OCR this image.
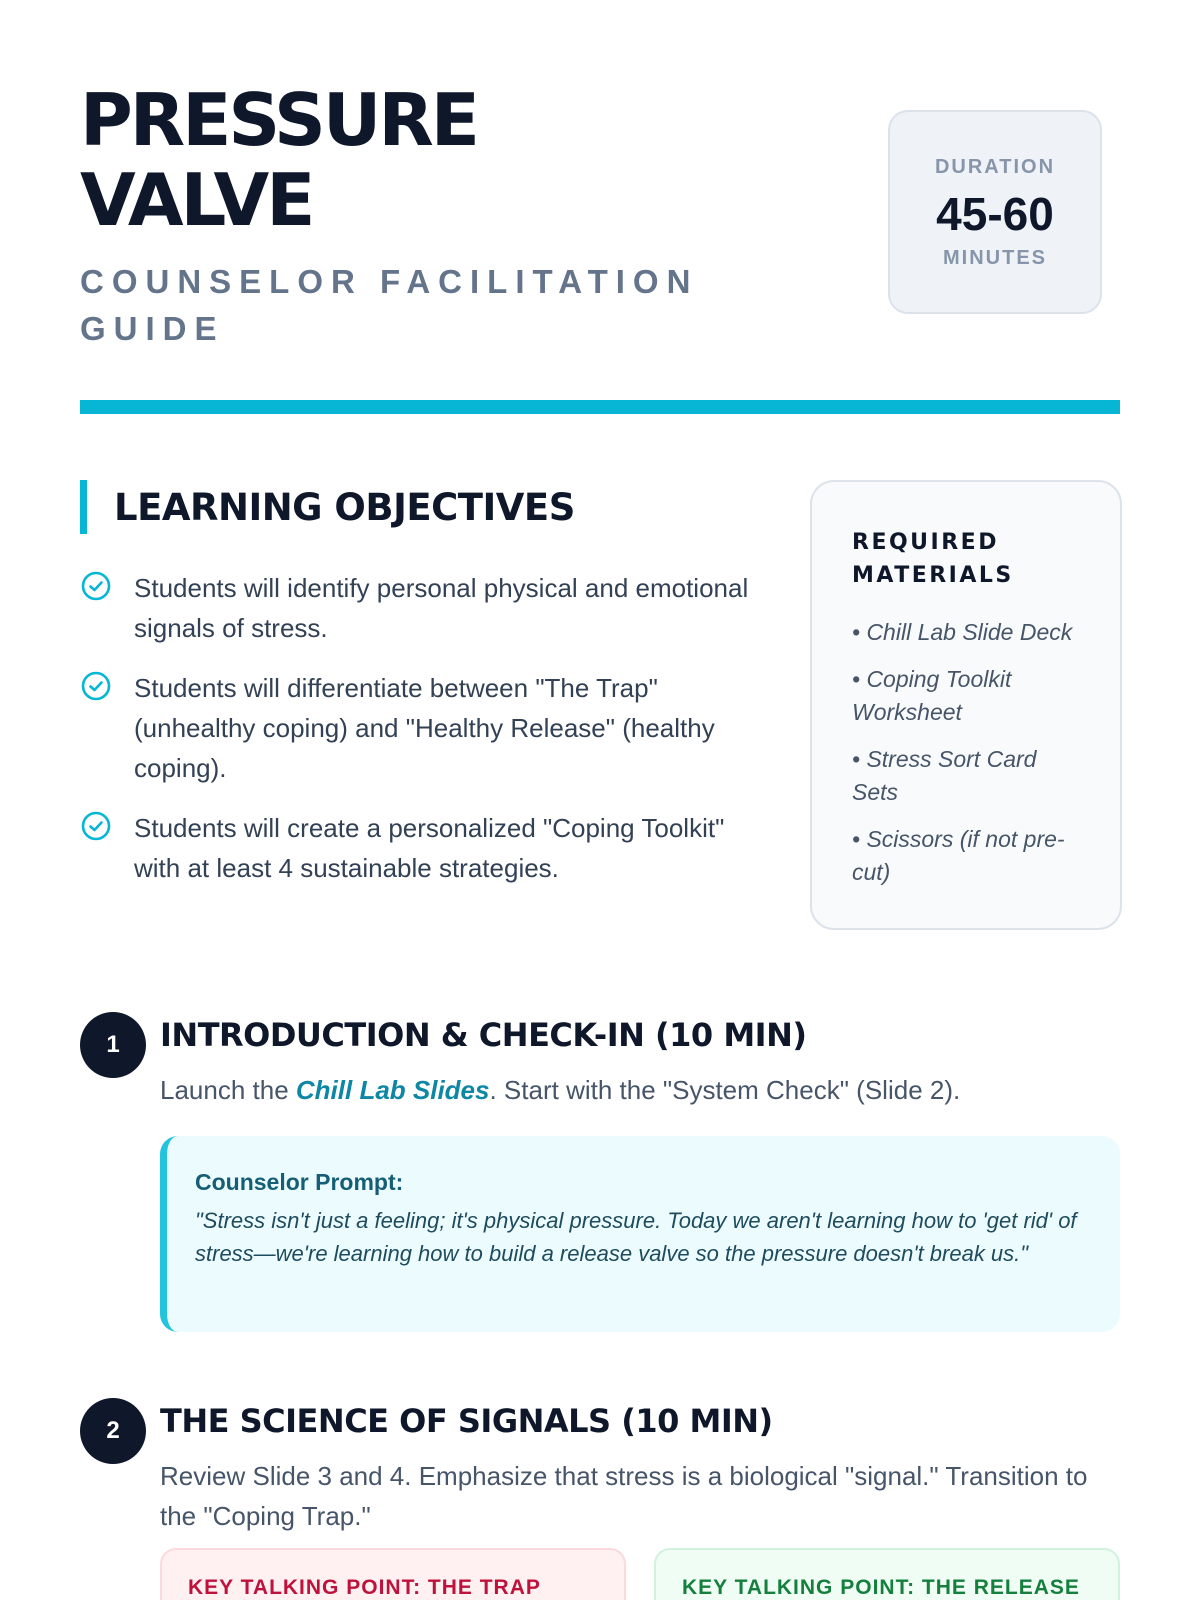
PRESSURE
VALVE
COUNSELOR FACILITATION GUIDE
DURATION
45-60
MINUTES
LEARNING OBJECTIVES
Students will identify personal physical and emotional signals of stress.
Students will differentiate between "The Trap" (unhealthy coping) and "Healthy Release" (healthy coping).
Students will create a personalized "Coping Toolkit" with at least 4 sustainable strategies.
REQUIRED MATERIALS
• Chill Lab Slide Deck
• Coping Toolkit Worksheet
• Stress Sort Card Sets
• Scissors (if not pre-cut)
1	INTRODUCTION & CHECK-IN (10 MIN)
Launch the Chill Lab Slides. Start with the "System Check" (Slide 2).
Counselor Prompt:
"Stress isn't just a feeling; it's physical pressure. Today we aren't learning how to 'get rid' of stress—we're learning how to build a release valve so the pressure doesn't break us."
2	THE SCIENCE OF SIGNALS (10 MIN)
Review Slide 3 and 4. Emphasize that stress is a biological "signal." Transition to the "Coping Trap."
KEY TALKING POINT: THE TRAP	KEY TALKING POINT: THE RELEASE
